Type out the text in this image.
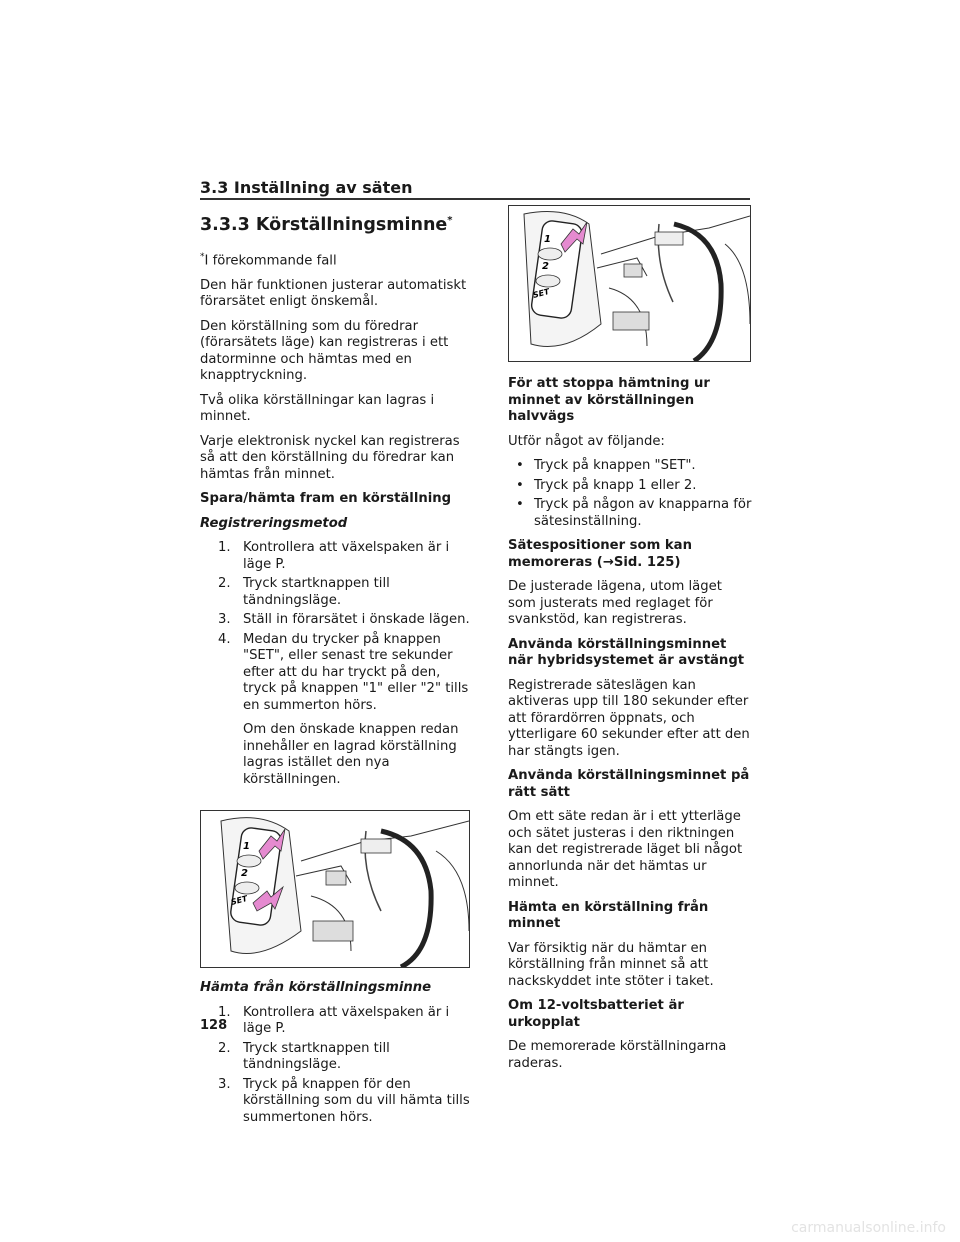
3.3 Inställning av säten
3.3.3 Körställningsminne*

*I förekommande fall

Den här funktionen justerar automatiskt förarsätet enligt önskemål.

Den körställning som du föredrar (förarsätets läge) kan registreras i ett datorminne och hämtas med en knapptryckning.

Två olika körställningar kan lagras i minnet.

Varje elektronisk nyckel kan registreras så att den körställning du föredrar kan hämtas från minnet.

Spara/hämta fram en körställning

Registreringsmetod

1. Kontrollera att växelspaken är i läge P.
2. Tryck startknappen till tändningsläge.
3. Ställ in förarsätet i önskade lägen.
4. Medan du trycker på knappen "SET", eller senast tre sekunder efter att du har tryckt på den, tryck på knappen "1" eller "2" tills en summerton hörs.
Om den önskade knappen redan innehåller en lagrad körställning lagras istället den nya körställningen.
1
2
SET

Hämta från körställningsminne

1. Kontrollera att växelspaken är i läge P.
2. Tryck startknappen till tändningsläge.
3. Tryck på knappen för den körställning som du vill hämta tills summertonen hörs.
1
2
SET

För att stoppa hämtning ur minnet av körställningen halvvägs

Utför något av följande:

• Tryck på knappen "SET".
• Tryck på knapp 1 eller 2.
• Tryck på någon av knapparna för sätesinställning.

Sätespositioner som kan memoreras (→Sid. 125)

De justerade lägena, utom läget som justerats med reglaget för svankstöd, kan registreras.

Använda körställningsminnet när hybridsystemet är avstängt

Registrerade säteslägen kan aktiveras upp till 180 sekunder efter att förardörren öppnats, och ytterligare 60 sekunder efter att den har stängts igen.

Använda körställningsminnet på rätt sätt

Om ett säte redan är i ett ytterläge och sätet justeras i den riktningen kan det registrerade läget bli något annorlunda när det hämtas ur minnet.

Hämta en körställning från minnet

Var försiktig när du hämtar en körställning från minnet så att nackskyddet inte stöter i taket.

Om 12-voltsbatteriet är urkopplat

De memorerade körställningarna raderas.

128
carmanualsonline.info
